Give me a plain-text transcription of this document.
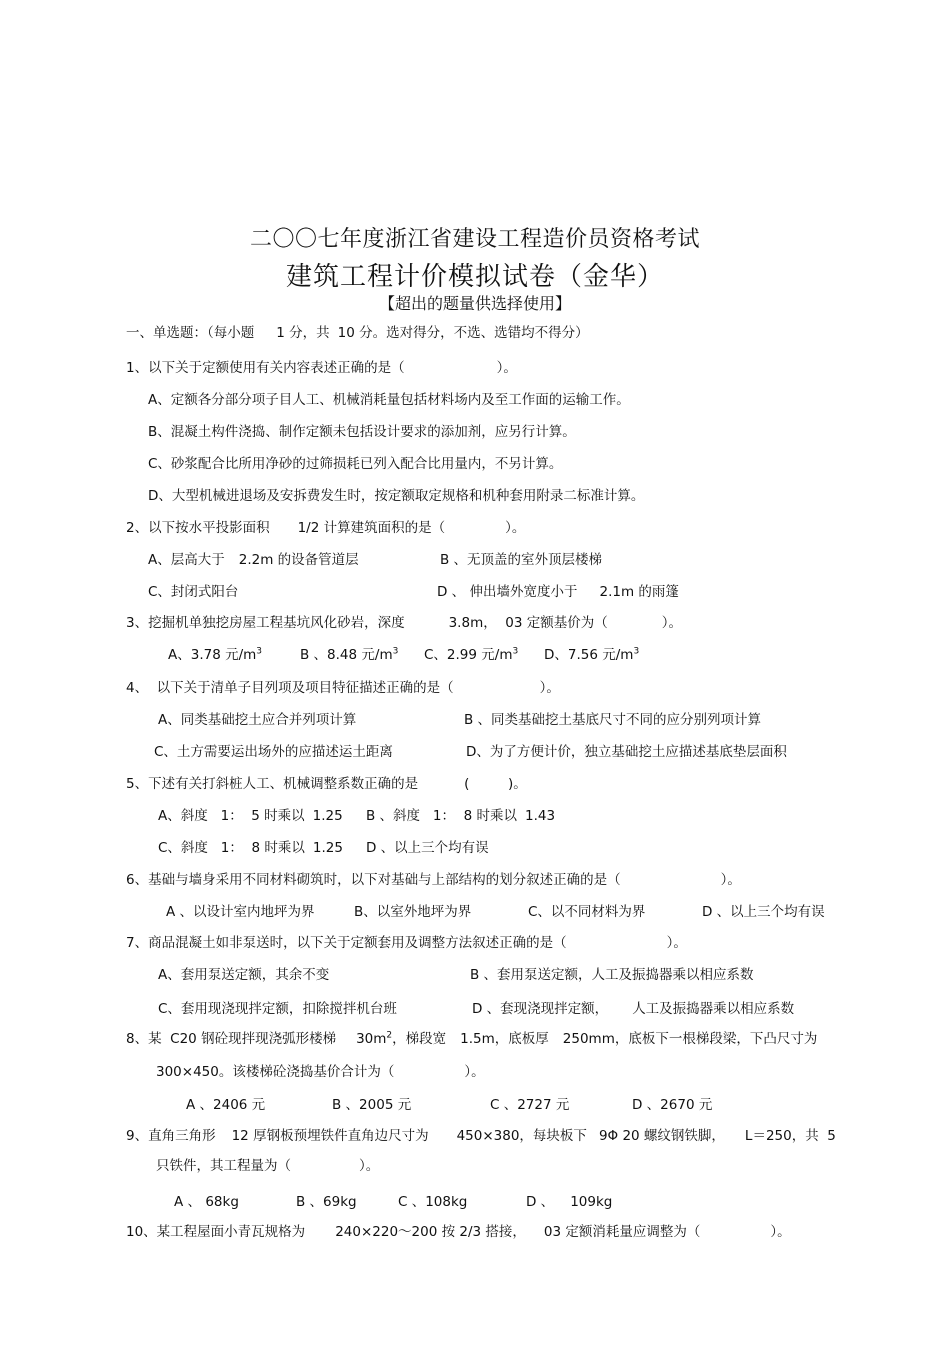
二〇〇七年度浙江省建设工程造价员资格考试
建筑工程计价模拟试卷（金华）
【超出的题量供选择使用】
一、单选题：（每小题 1 分，共 10 分。选对得分，不选、选错均不得分）
1、以下关于定额使用有关内容表述正确的是（	）。
A、定额各分部分项子目人工、机械消耗量包括材料场内及至工作面的运输工作。
B、混凝土构件浇捣、制作定额未包括设计要求的添加剂，应另行计算。
C、砂浆配合比所用净砂的过筛损耗已列入配合比用量内，不另计算。
D、大型机械进退场及安拆费发生时，按定额取定规格和机种套用附录二标准计算。
2、以下按水平投影面积 1/2 计算建筑面积的是（	）。
A、层高大于 2.2m 的设备管道层	B 、无顶盖的室外顶层楼梯
C、封闭式阳台	D 、 伸出墙外宽度小于 2.1m 的雨篷
3、挖掘机单独挖房屋工程基坑风化砂岩，深度	3.8m，  03 定额基价为（	）。
A、3.78 元$/m^3$	B 、8.48 元$/m^3$ C、2.99 元$/m^3$ D、7.56 元$/m^3$
4、  以下关于清单子目列项及项目特征描述正确的是（	）。
A、同类基础挖土应合并列项计算	B 、同类基础挖土基底尺寸不同的应分别列项计算
C、土方需要运出场外的应描述运土距离	D、为了方便计价，独立基础挖土应描述基底垫层面积
5、下述有关打斜桩人工、机械调整系数正确的是	(         )。
A、斜度   1：  5 时乘以 1.25 B 、斜度   1：  8 时乘以 1.43
C、斜度   1：  8 时乘以 1.25 D 、以上三个均有误
6、基础与墙身采用不同材料砌筑时，以下对基础与上部结构的划分叙述正确的是（	）。
A 、以设计室内地坪为界	B、以室外地坪为界	C、以不同材料为界	D 、以上三个均有误
7、商品混凝土如非泵送时，以下关于定额套用及调整方法叙述正确的是（	）。
A、套用泵送定额，其余不变	B 、套用泵送定额，人工及振捣器乘以相应系数
C、套用现浇现拌定额，扣除搅拌机台班	D 、套现浇现拌定额， 人工及振捣器乘以相应系数
8、某  C20 钢砼现拌现浇弧形楼梯 $30m^2$，梯段宽 1.5m，底板厚 250mm，底板下一根梯段梁，下凸尺寸为
300×450。该楼梯砼浇捣基价合计为（	）。
A 、2406 元	B 、2005 元	C 、2727 元	D 、2670 元
9、直角三角形 12 厚钢板预埋铁件直角边尺寸为 450×380，每块板下 9Φ 20 螺纹钢铁脚， L＝250，共  5
只铁件，其工程量为（	）。
A 、 68kg	B 、69kg	C 、108kg	D 、 109kg
10、某工程屋面小青瓦规格为 240×220～200 按 2/3 搭接， 03 定额消耗量应调整为（	）。
